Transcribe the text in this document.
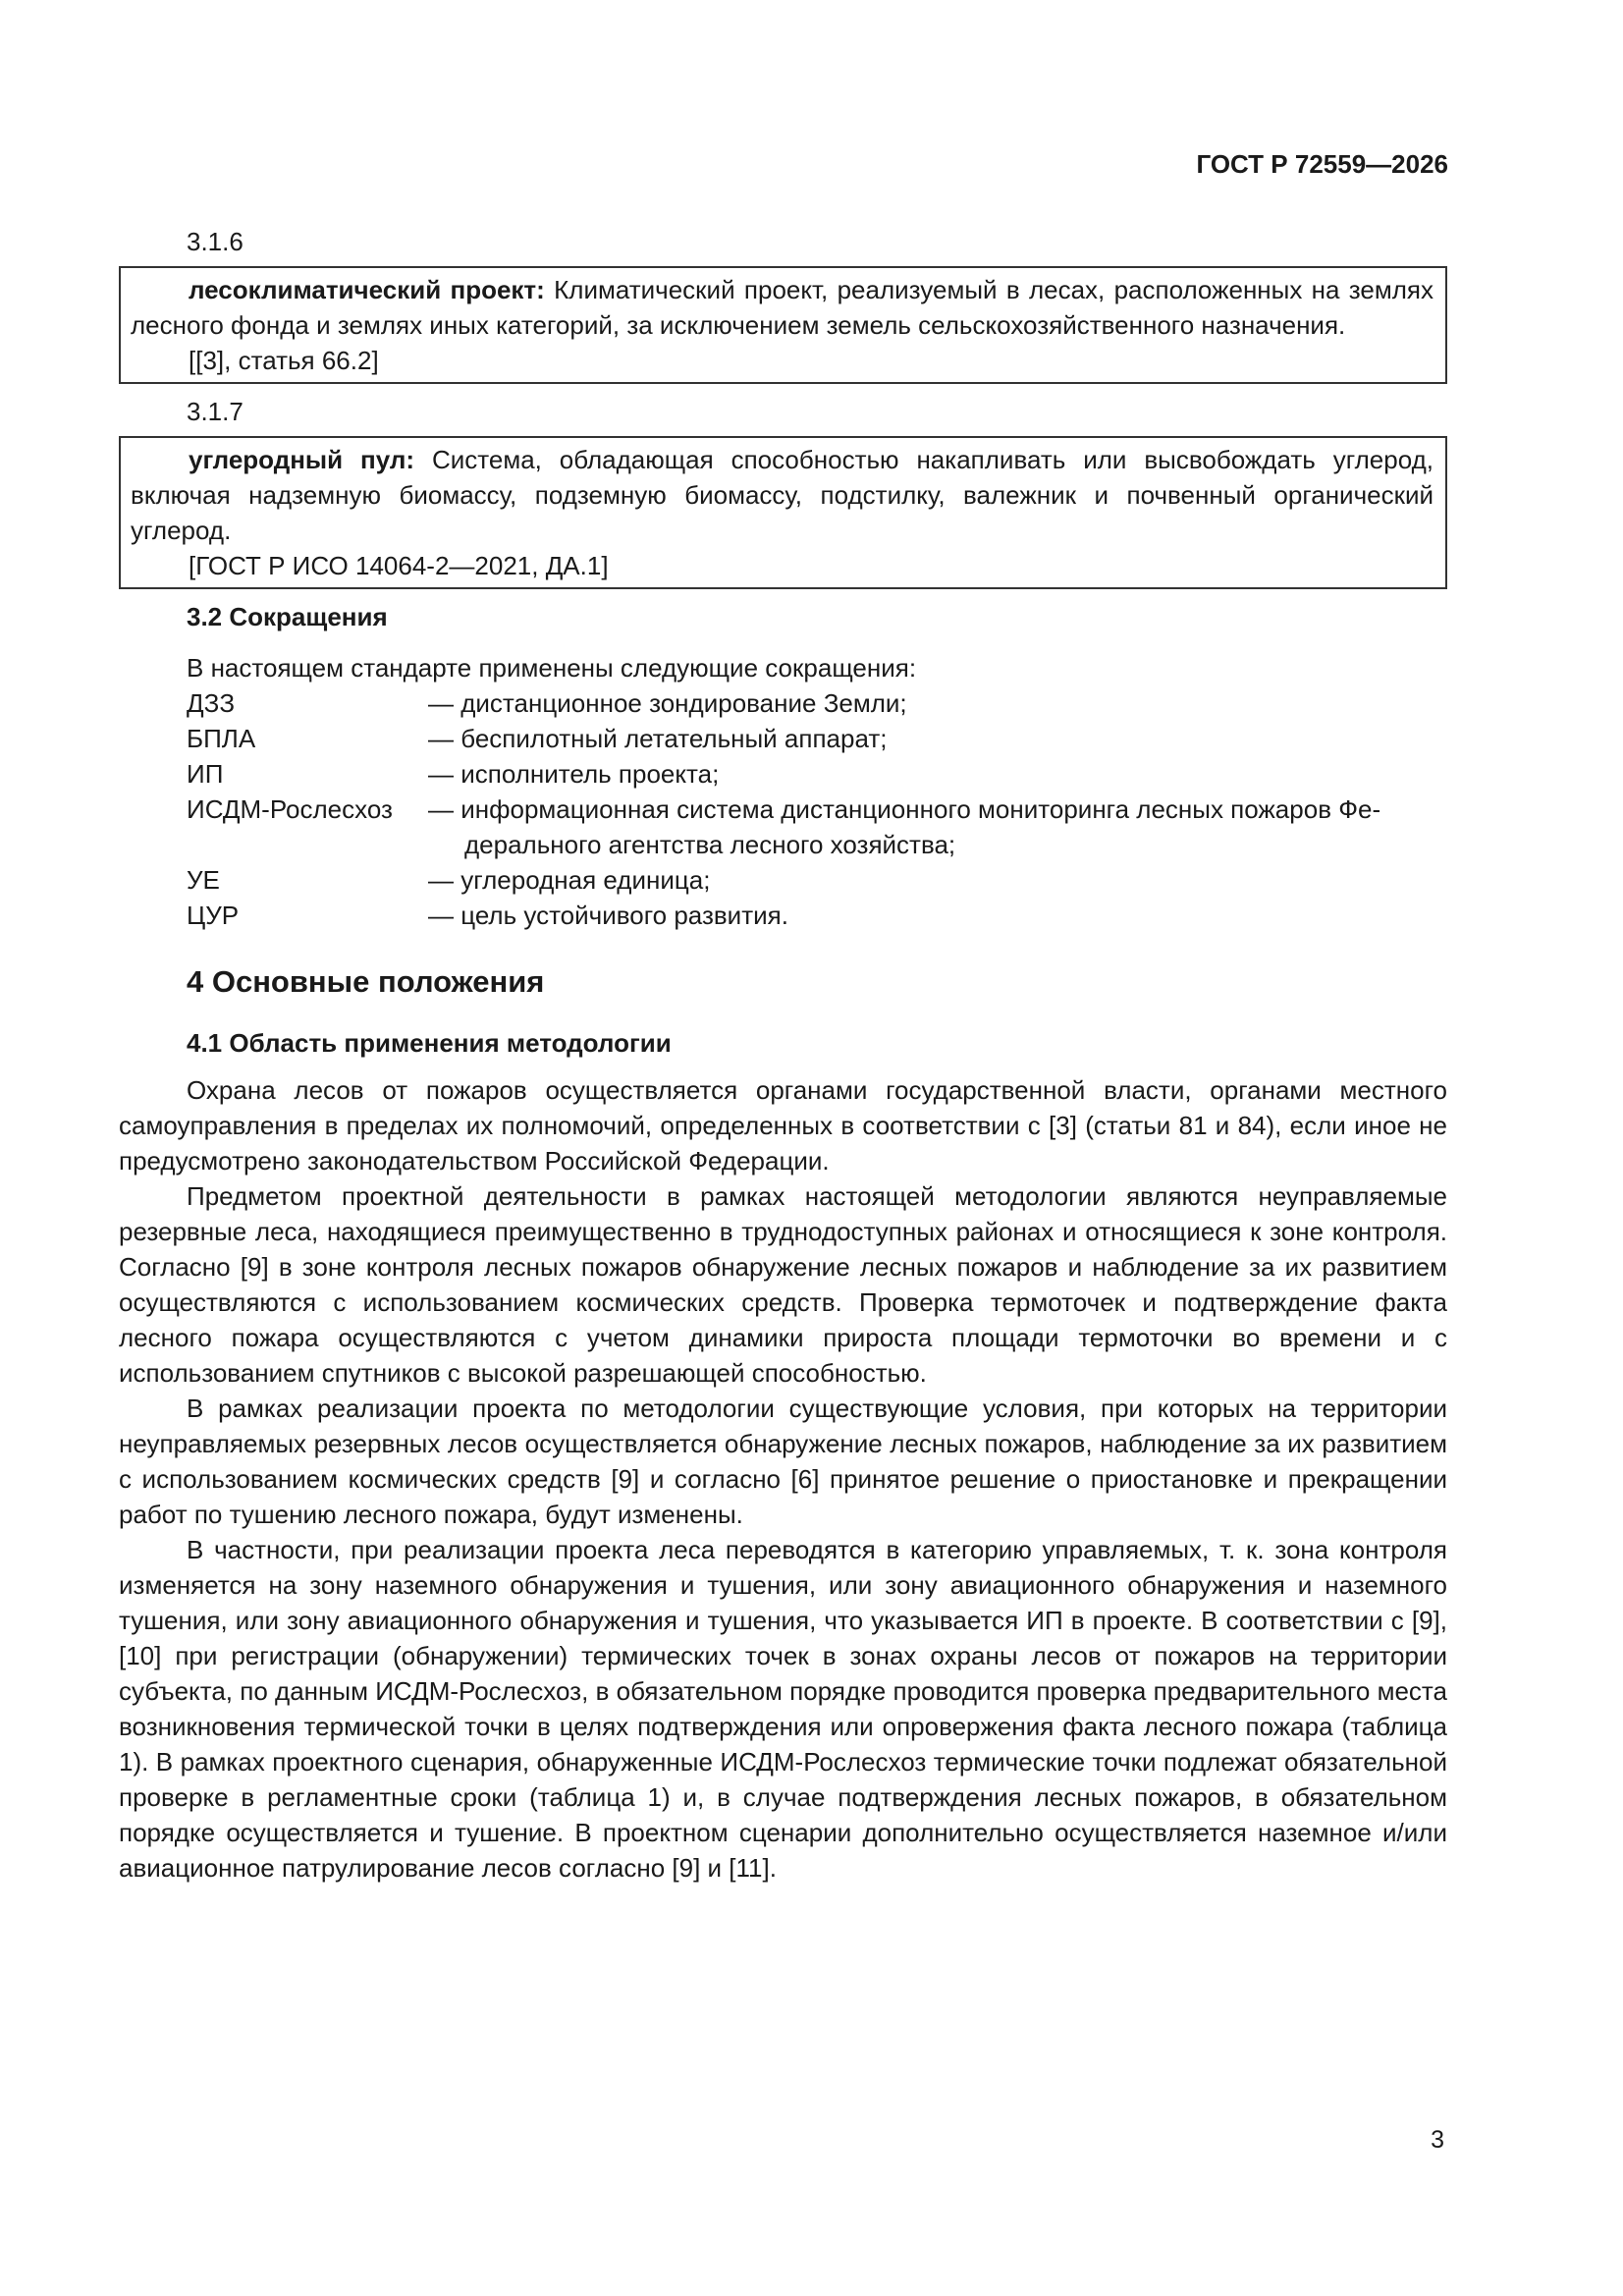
ГОСТ Р 72559—2026
3.1.6

лесоклиматический проект: Климатический проект, реализуемый в лесах, расположенных на землях лесного фонда и землях иных категорий, за исключением земель сельскохозяйственного назначения.

[[3], статья 66.2]
3.1.7

углеродный пул: Система, обладающая способностью накапливать или высвобождать углерод, включая надземную биомассу, подземную биомассу, подстилку, валежник и почвенный органический углерод.

[ГОСТ Р ИСО 14064-2—2021, ДА.1]
3.2 Сокращения
В настоящем стандарте применены следующие сокращения:
ДЗЗ	— дистанционное зондирование Земли;
БПЛА	— беспилотный летательный аппарат;
ИП	— исполнитель проекта;
ИСДМ-Рослесхоз	— информационная система дистанционного мониторинга лесных пожаров Фе-
дерального агентства лесного хозяйства;
УЕ	— углеродная единица;
ЦУР	— цель устойчивого развития.
4 Основные положения
4.1 Область применения методологии

Охрана лесов от пожаров осуществляется органами государственной власти, органами местного самоуправления в пределах их полномочий, определенных в соответствии с [3] (статьи 81 и 84), если иное не предусмотрено законодательством Российской Федерации.

Предметом проектной деятельности в рамках настоящей методологии являются неуправляемые резервные леса, находящиеся преимущественно в труднодоступных районах и относящиеся к зоне контроля. Согласно [9] в зоне контроля лесных пожаров обнаружение лесных пожаров и наблюдение за их развитием осуществляются с использованием космических средств. Проверка термоточек и подтверждение факта лесного пожара осуществляются с учетом динамики прироста площади термоточки во времени и с использованием спутников с высокой разрешающей способностью.

В рамках реализации проекта по методологии существующие условия, при которых на территории неуправляемых резервных лесов осуществляется обнаружение лесных пожаров, наблюдение за их развитием с использованием космических средств [9] и согласно [6] принятое решение о приостановке и прекращении работ по тушению лесного пожара, будут изменены.

В частности, при реализации проекта леса переводятся в категорию управляемых, т. к. зона контроля изменяется на зону наземного обнаружения и тушения, или зону авиационного обнаружения и наземного тушения, или зону авиационного обнаружения и тушения, что указывается ИП в проекте. В соответствии с [9], [10] при регистрации (обнаружении) термических точек в зонах охраны лесов от пожаров на территории субъекта, по данным ИСДМ-Рослесхоз, в обязательном порядке проводится проверка предварительного места возникновения термической точки в целях подтверждения или опровержения факта лесного пожара (таблица 1). В рамках проектного сценария, обнаруженные ИСДМ-Рослесхоз термические точки подлежат обязательной проверке в регламентные сроки (таблица 1) и, в случае подтверждения лесных пожаров, в обязательном порядке осуществляется и тушение. В проектном сценарии дополнительно осуществляется наземное и/или авиационное патрулирование лесов согласно [9] и [11].

3
